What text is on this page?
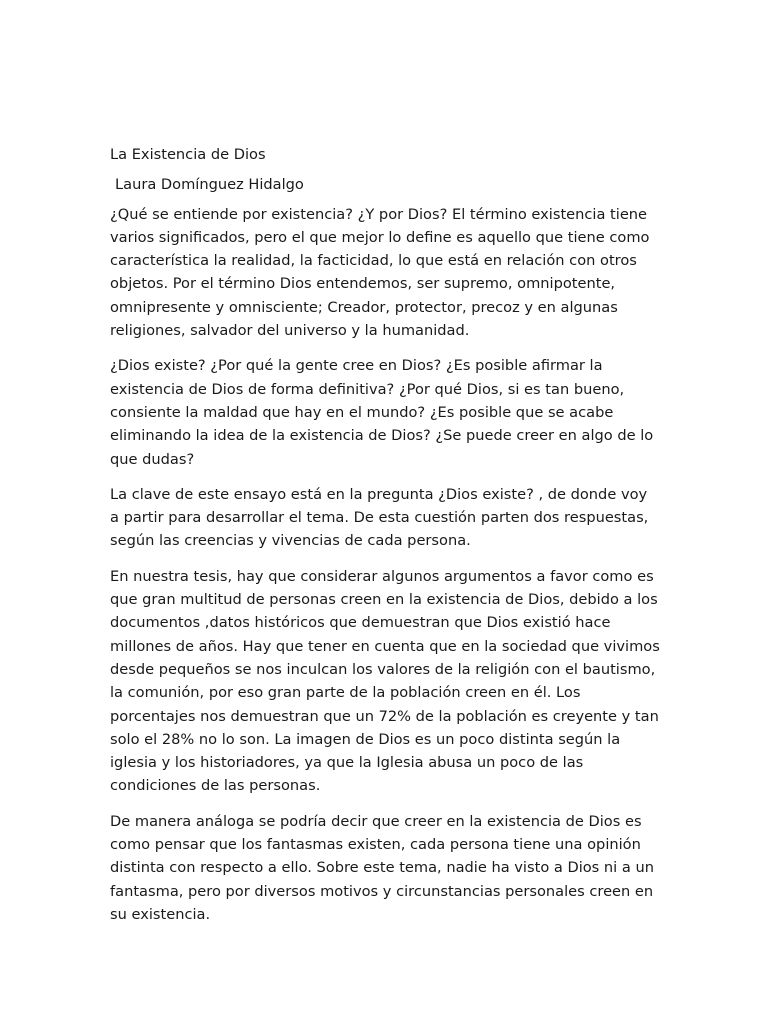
La Existencia de Dios
Laura Domínguez Hidalgo

¿Qué se entiende por existencia? ¿Y por Dios? El término existencia tiene varios significados, pero el que mejor lo define es aquello que tiene como característica la realidad, la facticidad, lo que está en relación con otros objetos. Por el término Dios entendemos, ser supremo, omnipotente, omnipresente y omnisciente; Creador, protector, precoz y en algunas religiones, salvador del universo y la humanidad.

¿Dios existe? ¿Por qué la gente cree en Dios? ¿Es posible afirmar la existencia de Dios de forma definitiva? ¿Por qué Dios, si es tan bueno, consiente la maldad que hay en el mundo? ¿Es posible que se acabe eliminando la idea de la existencia de Dios? ¿Se puede creer en algo de lo que dudas?

La clave de este ensayo está en la pregunta ¿Dios existe? , de donde voy a partir para desarrollar el tema. De esta cuestión parten dos respuestas, según las creencias y vivencias de cada persona.

En nuestra tesis, hay que considerar algunos argumentos a favor como es que gran multitud de personas creen en la existencia de Dios, debido a los documentos ,datos históricos que demuestran que Dios existió hace millones de años. Hay que tener en cuenta que en la sociedad que vivimos desde pequeños se nos inculcan los valores de la religión con el bautismo, la comunión, por eso gran parte de la población creen en él. Los porcentajes nos demuestran que un 72% de la población es creyente y tan solo el 28% no lo son. La imagen de Dios es un poco distinta según la iglesia y los historiadores, ya que la Iglesia abusa un poco de las condiciones de las personas.

De manera análoga se podría decir que creer en la existencia de Dios es como pensar que los fantasmas existen, cada persona tiene una opinión distinta con respecto a ello. Sobre este tema, nadie ha visto a Dios ni a un fantasma, pero por diversos motivos y circunstancias personales creen en su existencia.
